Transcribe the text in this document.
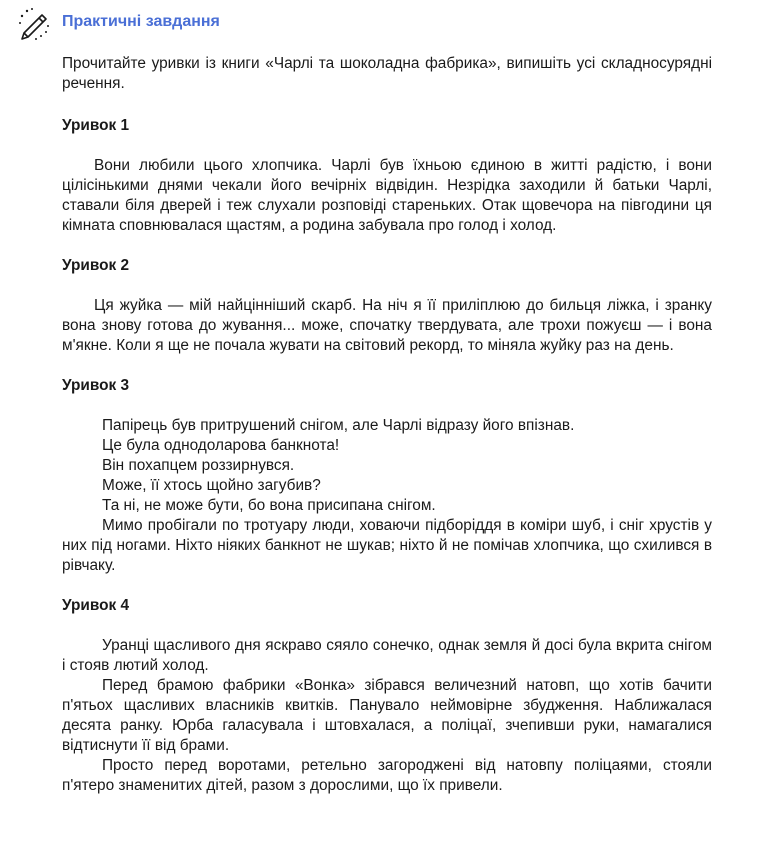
Практичні завдання

Прочитайте уривки із книги «Чарлі та шоколадна фабрика», випишіть усі складносурядні речення.

Уривок 1

Вони любили цього хлопчика. Чарлі був їхньою єдиною в житті радістю, і вони цілісінькими днями чекали його вечірніх відвідин. Незрідка заходили й батьки Чарлі, ставали біля дверей і теж слухали розповіді стареньких. Отак щовечора на півгодини ця кімната сповнювалася щастям, а родина забувала про голод і холод.

Уривок 2

Ця жуйка — мій найцінніший скарб. На ніч я її приліплюю до бильця ліжка, і зранку вона знову готова до жування... може, спочатку твердувата, але трохи пожуєш — і вона м'якне. Коли я ще не почала жувати на світовий рекорд, то міняла жуйку раз на день.

Уривок 3

Папірець був притрушений снігом, але Чарлі відразу його впізнав.

Це була однодоларова банкнота!

Він похапцем роззирнувся.

Може, її хтось щойно загубив?

Та ні, не може бути, бо вона присипана снігом.

Мимо пробігали по тротуару люди, ховаючи підборіддя в коміри шуб, і сніг хрустів у них під ногами. Ніхто ніяких банкнот не шукав; ніхто й не помічав хлопчика, що схилився в рівчаку.

Уривок 4

Уранці щасливого дня яскраво сяяло сонечко, однак земля й досі була вкрита снігом і стояв лютий холод.

Перед брамою фабрики «Вонка» зібрався величезний натовп, що хотів бачити п'ятьох щасливих власників квитків. Панувало неймовірне збудження. Наближалася десята ранку. Юрба галасувала і штовхалася, а поліцаї, зчепивши руки, намагалися відтиснути її від брами.

Просто перед воротами, ретельно загороджені від натовпу поліцаями, стояли п'ятеро знаменитих дітей, разом з дорослими, що їх привели.
